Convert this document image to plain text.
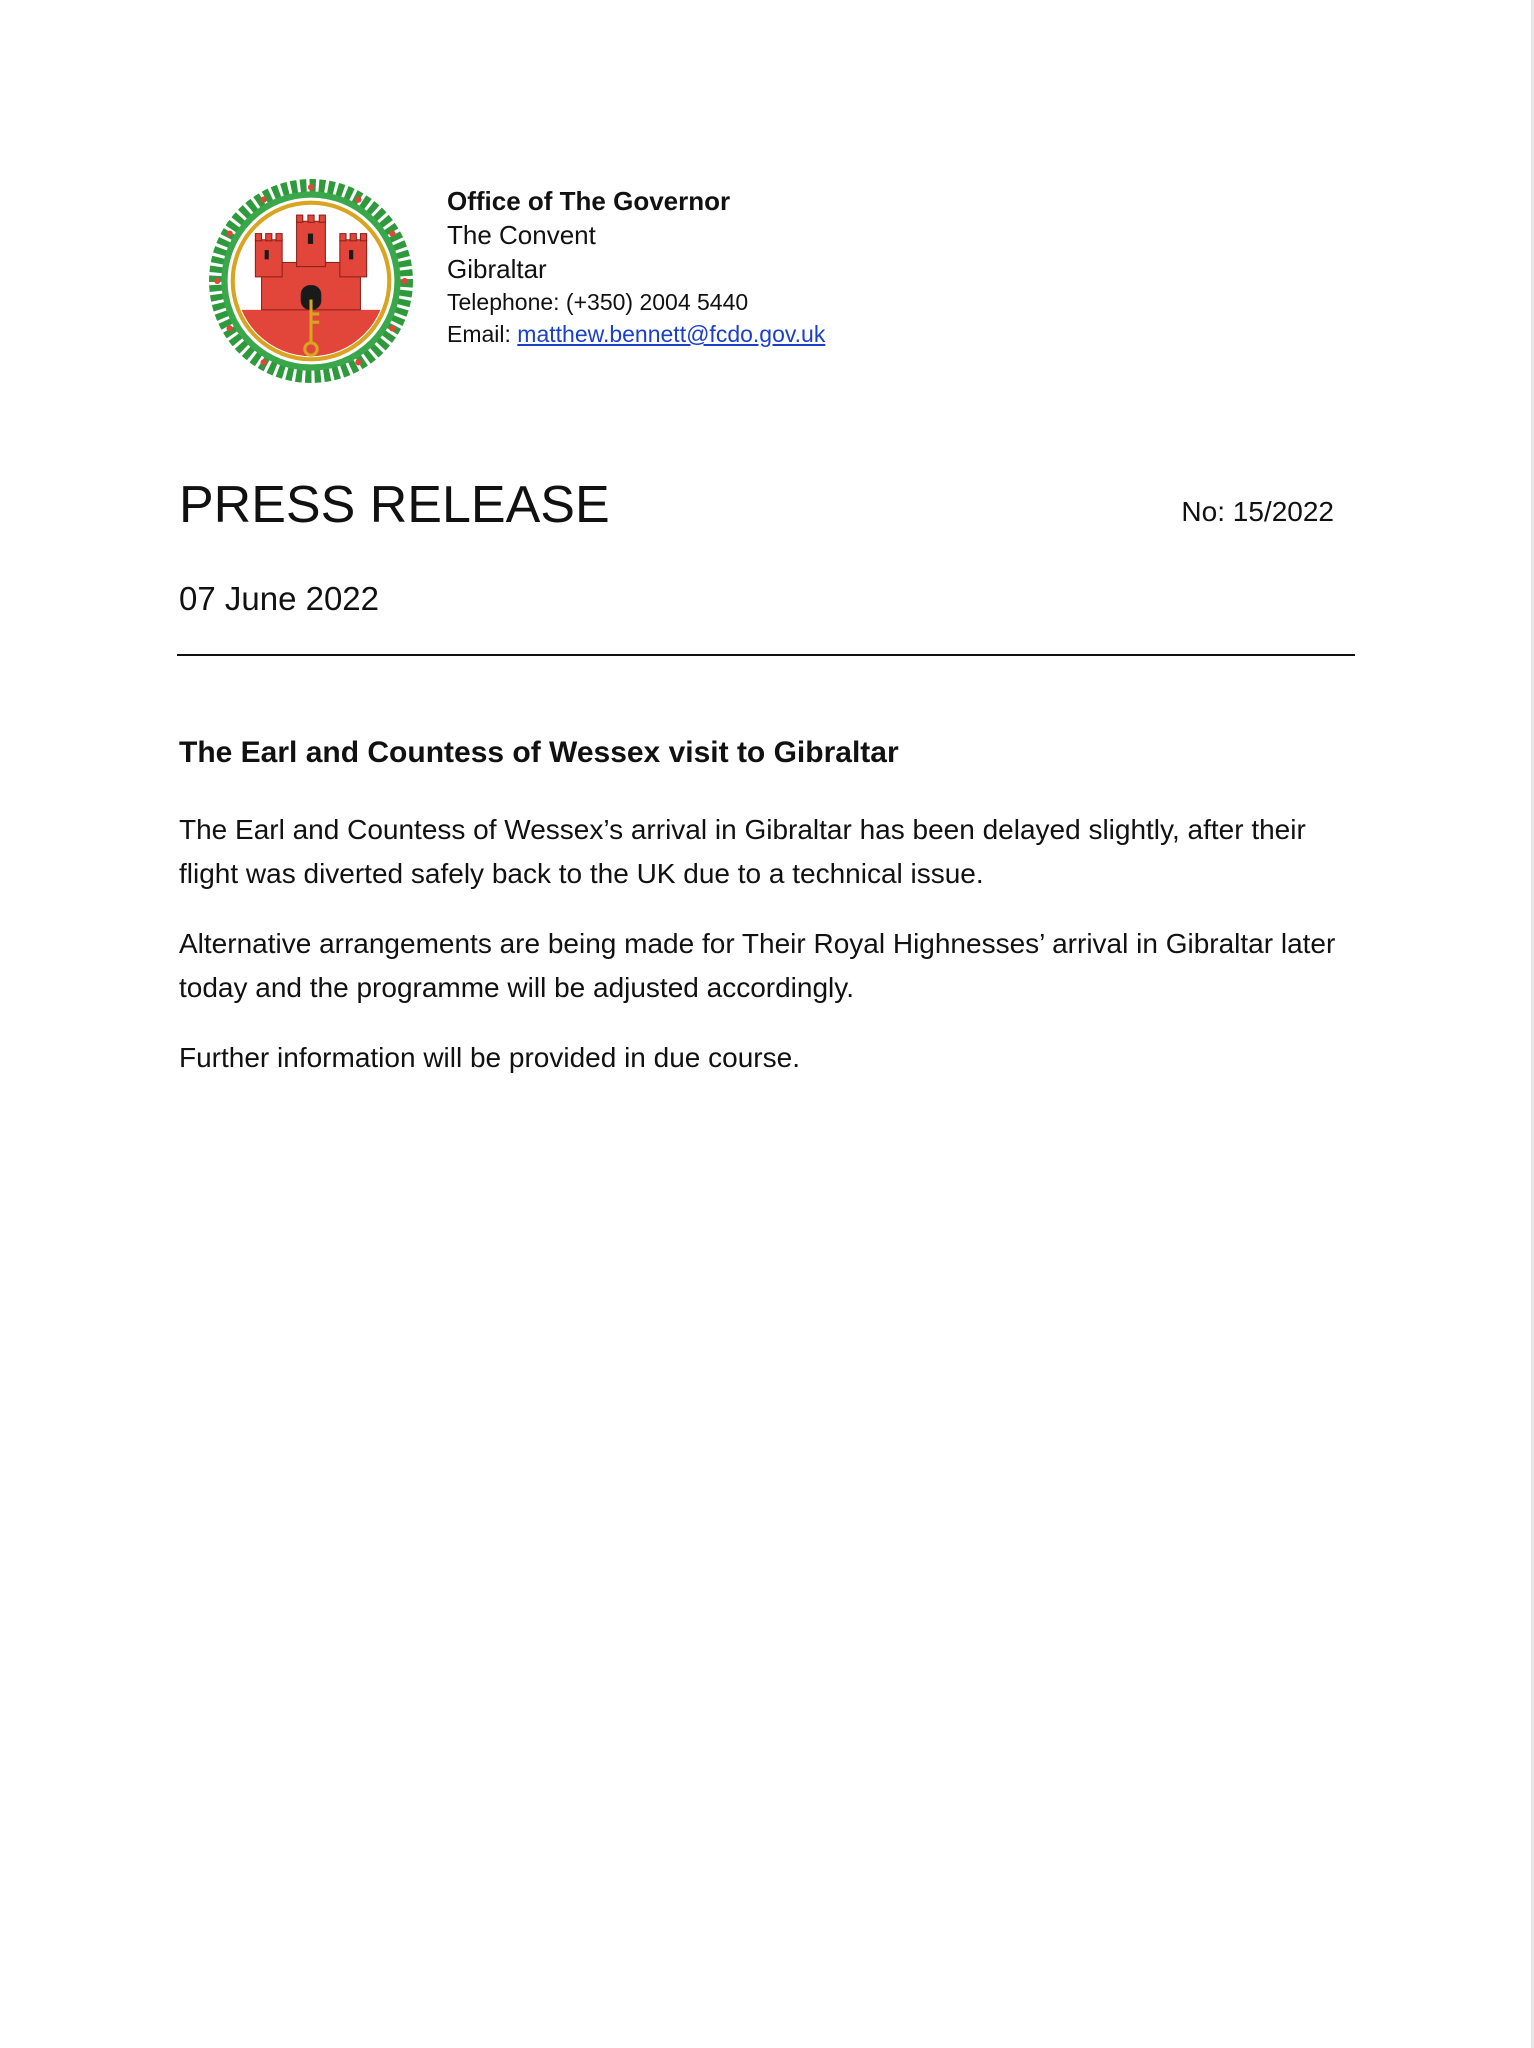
Office of The Governor
The Convent
Gibraltar
Telephone: (+350) 2004 5440
Email: matthew.bennett@fcdo.gov.uk
PRESS RELEASE	No: 15/2022
07 June 2022
The Earl and Countess of Wessex visit to Gibraltar

The Earl and Countess of Wessex’s arrival in Gibraltar has been delayed slightly, after their flight was diverted safely back to the UK due to a technical issue.

Alternative arrangements are being made for Their Royal Highnesses’ arrival in Gibraltar later today and the programme will be adjusted accordingly.

Further information will be provided in due course.
